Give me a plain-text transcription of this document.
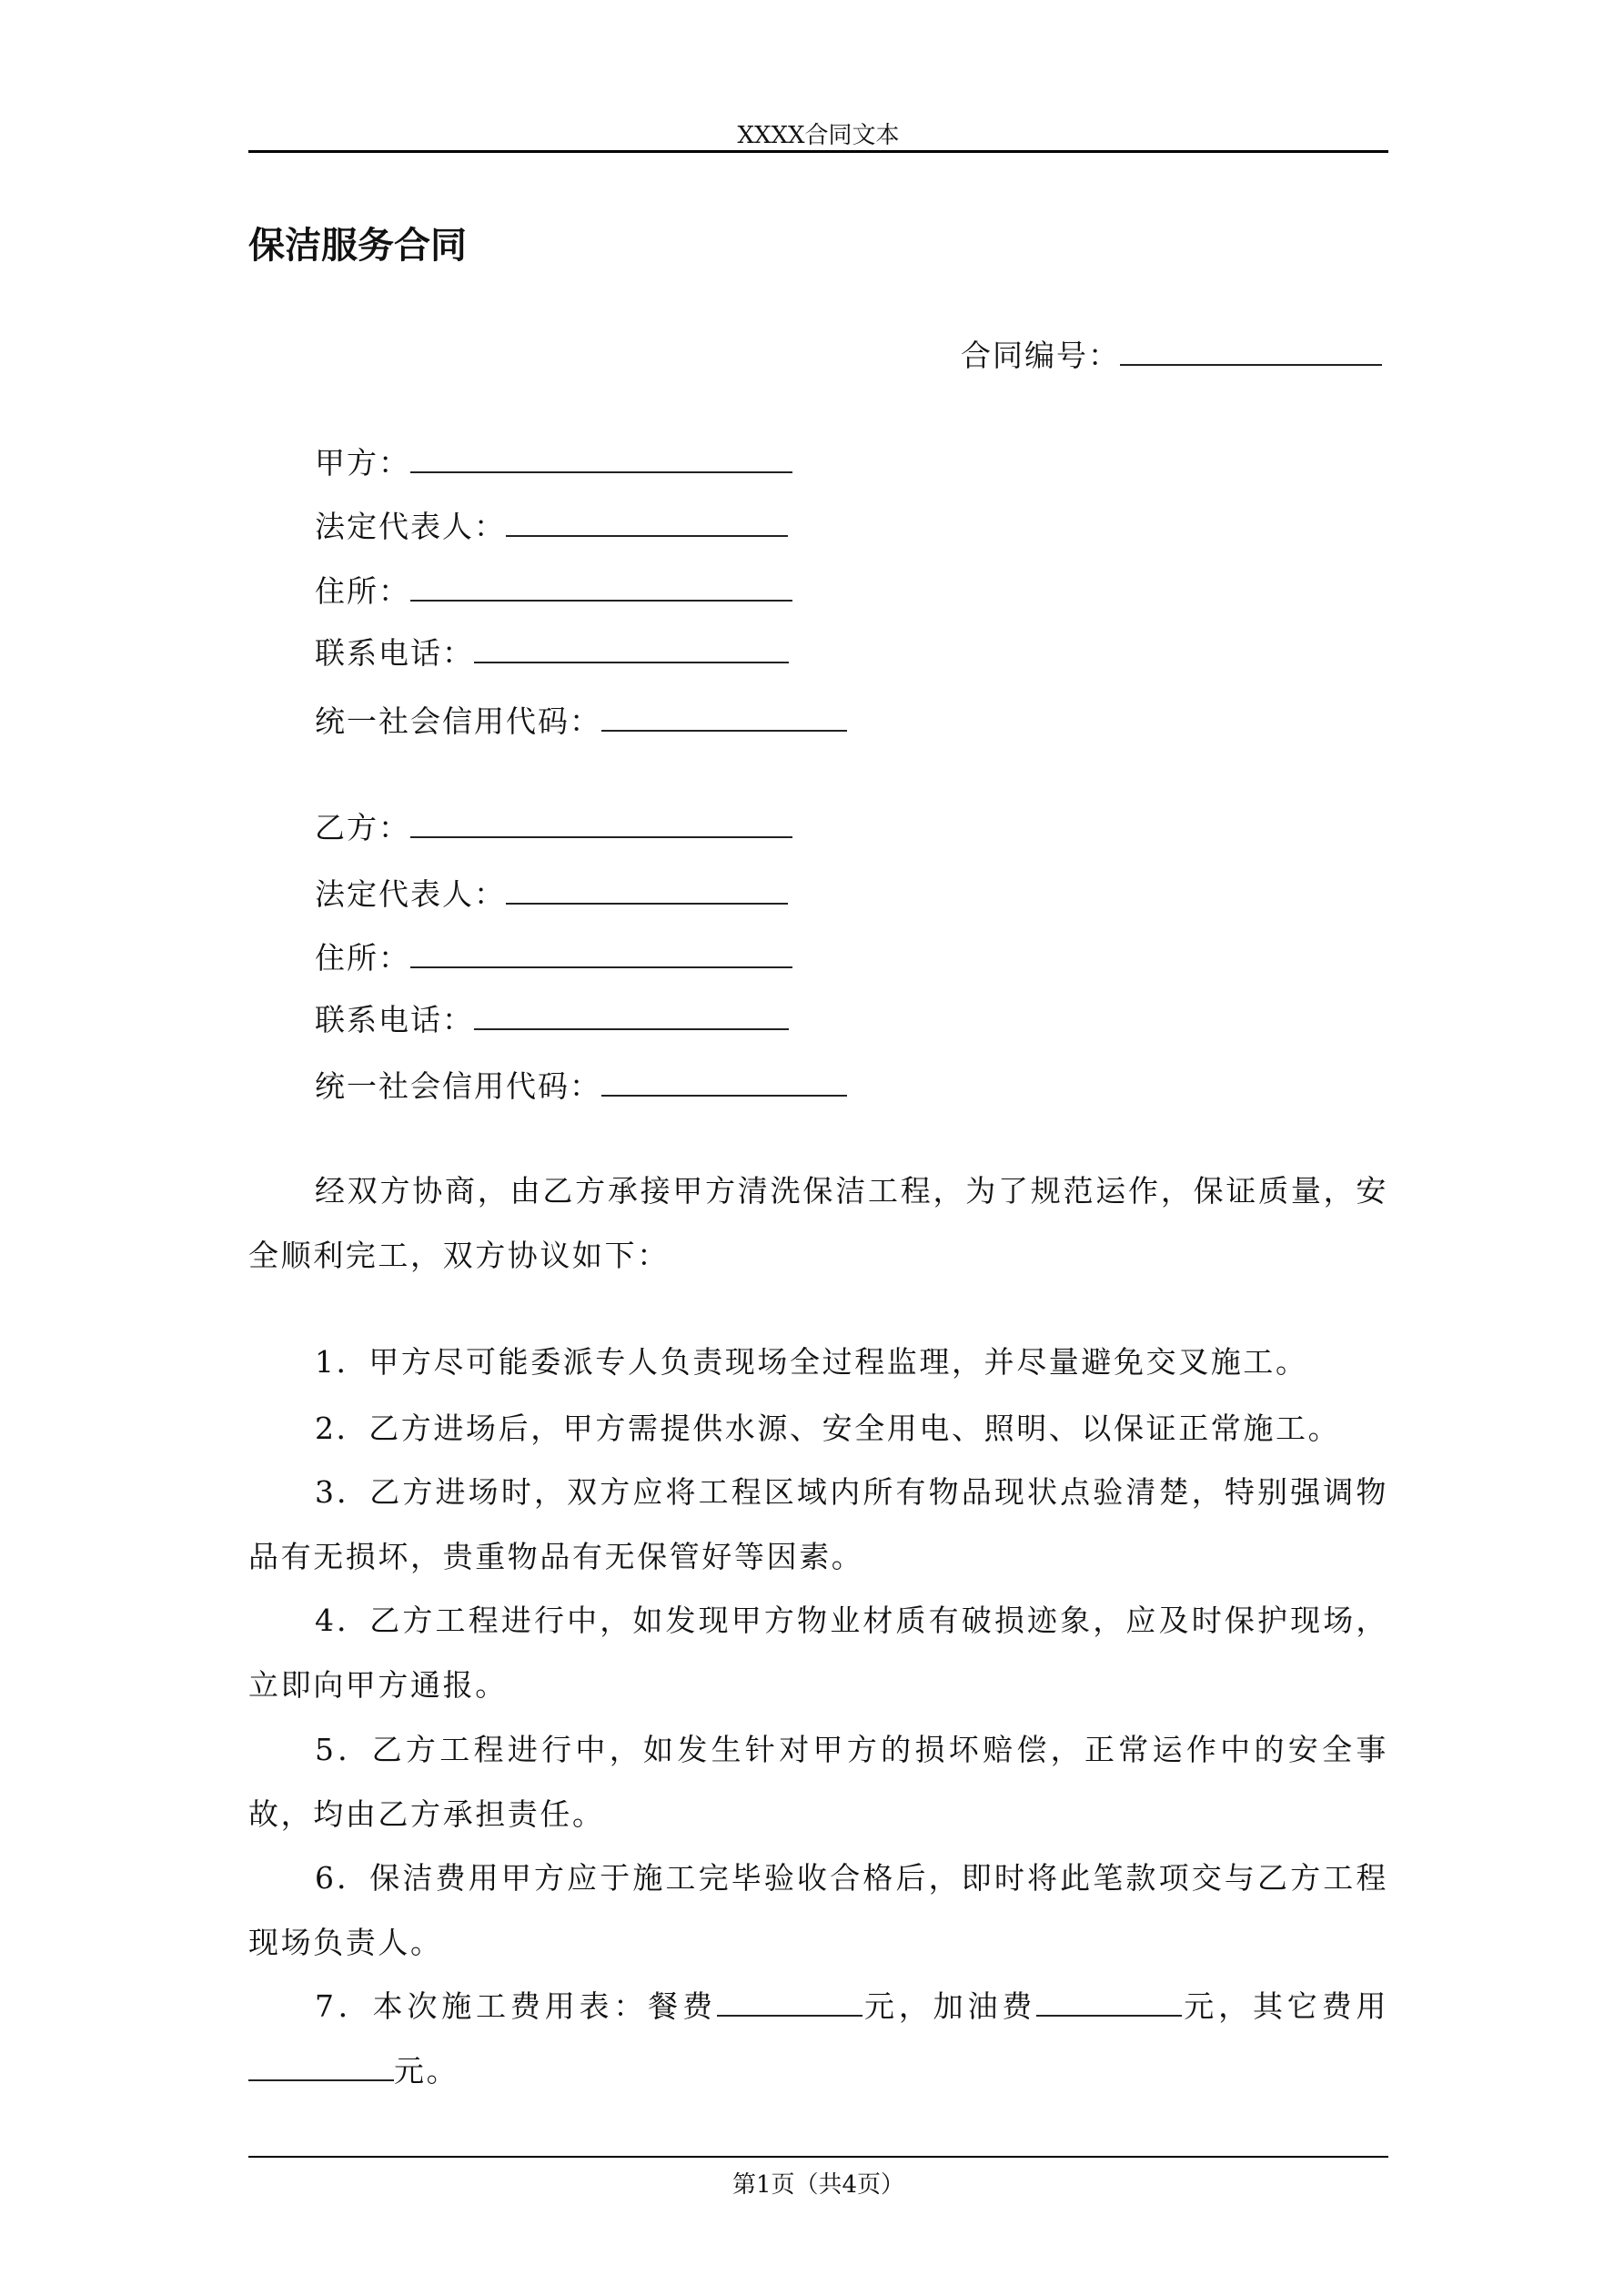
XXXX合同文本
保洁服务合同
合同编号：
甲方：
法定代表人：
住所：
联系电话：
统一社会信用代码：
乙方：
法定代表人：
住所：
联系电话：
统一社会信用代码：
经双方协商，由乙方承接甲方清洗保洁工程，为了规范运作，保证质量，安全顺利完工，双方协议如下：
1．甲方尽可能委派专人负责现场全过程监理，并尽量避免交叉施工。
2．乙方进场后，甲方需提供水源、安全用电、照明、以保证正常施工。
3．乙方进场时，双方应将工程区域内所有物品现状点验清楚，特别强调物品有无损坏，贵重物品有无保管好等因素。
4．乙方工程进行中，如发现甲方物业材质有破损迹象，应及时保护现场，立即向甲方通报。
5．乙方工程进行中，如发生针对甲方的损坏赔偿，正常运作中的安全事故，均由乙方承担责任。
6．保洁费用甲方应于施工完毕验收合格后，即时将此笔款项交与乙方工程现场负责人。
7．本次施工费用表：餐费	元，加油费	元，其它费用 元。
第1页（共4页）
